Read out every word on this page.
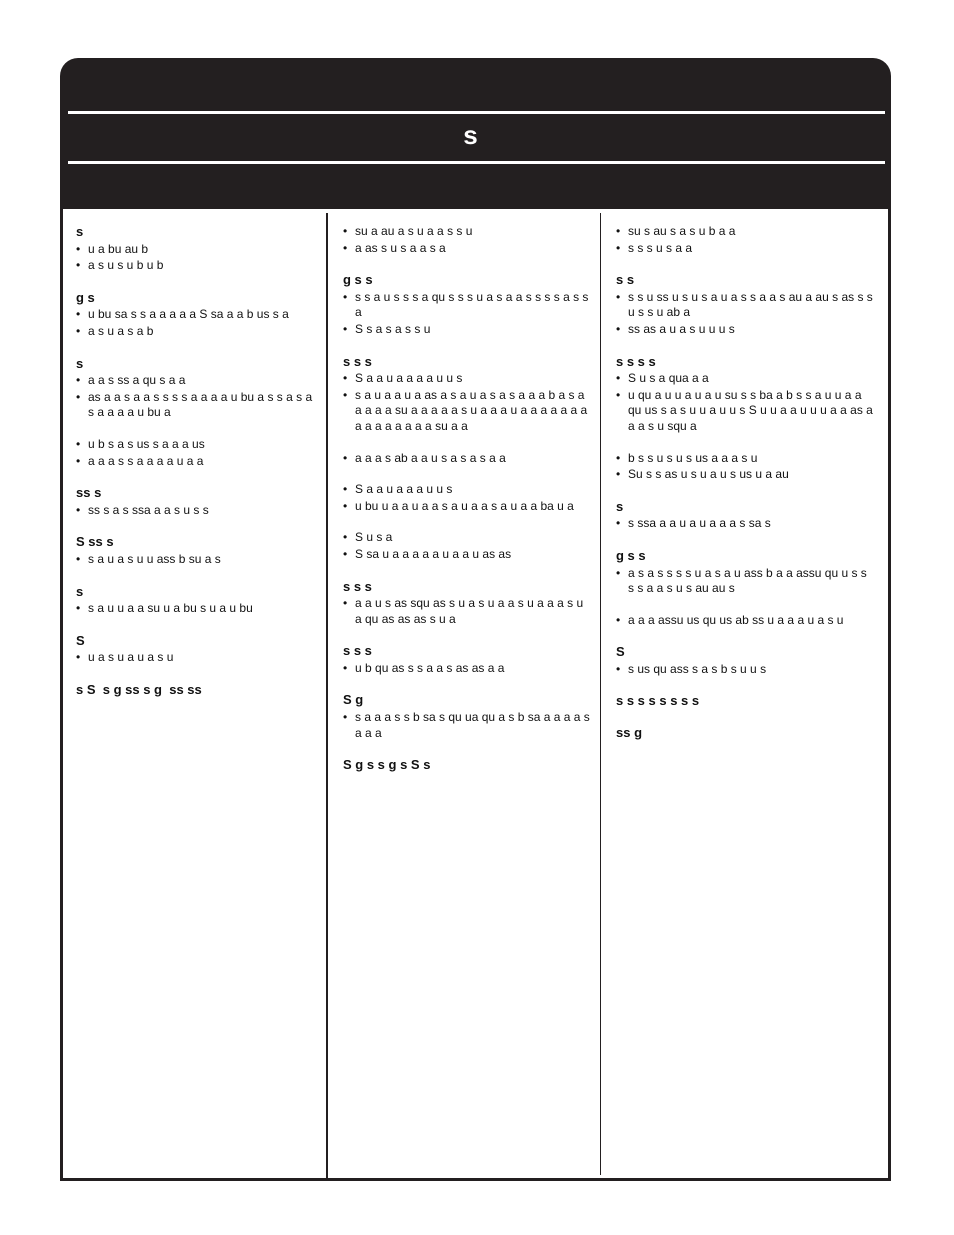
s
s
• u a bu au b
• a s u s u b u b
g s
• u bu sa s s a a a a a S sa a a b us s a
• a s u a s a b
s
• a a s ss a qu s a a
• as a a s a a s s s s a a a a u bu a s s a s a s a a a a u bu a
• u b s a s us s a a a us
• a a a s s a a a a u a a
ss s
• ss s a s ssa a a s u s s
S ss s
• s a u a s u u ass b su a s
s
• s a u u a a su u a bu s u a u bu
S
• u a s u a u a s u
s S  s g ss s g  ss ss
• su a au a s u a a s s u
• a as s u s a a s a
g s s
• s s a u s s s a qu s s s u a s a a s s s s a s s a
• S s a s a s s u
s s s
• S a a u a a a a u u s
• s a u a a u a as a s a u a s a s a a a b a s a a a a a su a a a a a s u a a a u a a a a a a a a a a a a a a a su a a
• a a a s ab a a u s a s a s a a
• S a a u a a a u u s
• u bu u a a u a a s a u a a s a u a a ba u a
• S u s a
• S sa u a a a a a u a a u as as
s s s
• a a u s as squ as s u a s u a a s u a a a s u a qu as as as s u a
s s s
• u b qu as s s a a s as as a a
S g
• s a a a s s b sa s qu ua qu a s b sa a a a a s a a a
S g s s g s S s
• su s au s a s u b a a
• s s s u s a a
s s
• s s u ss u s u s a u a s s a a s au a au s as s s u s s u ab a
• ss as a u a s u u u s
s s s s
• S u s a qua a a
• u qu a u u a u a u su s s ba a b s s a u u a a qu us s a s u u a u u s S u u a a u u u a a as a a a s u squ a
• b s s u s u s us a a a s u
• Su s s as u s u a u s us u a au
s
• s ssa a a u a u a a a s sa s
g s s
• a s a s s s s u a s a u ass b a a assu qu u s s s s a a s u s au au s
• a a a assu us qu us ab ss u a a a u a s u
S
• s us qu ass s a s b s u u s
s s s s s s s s
ss g
